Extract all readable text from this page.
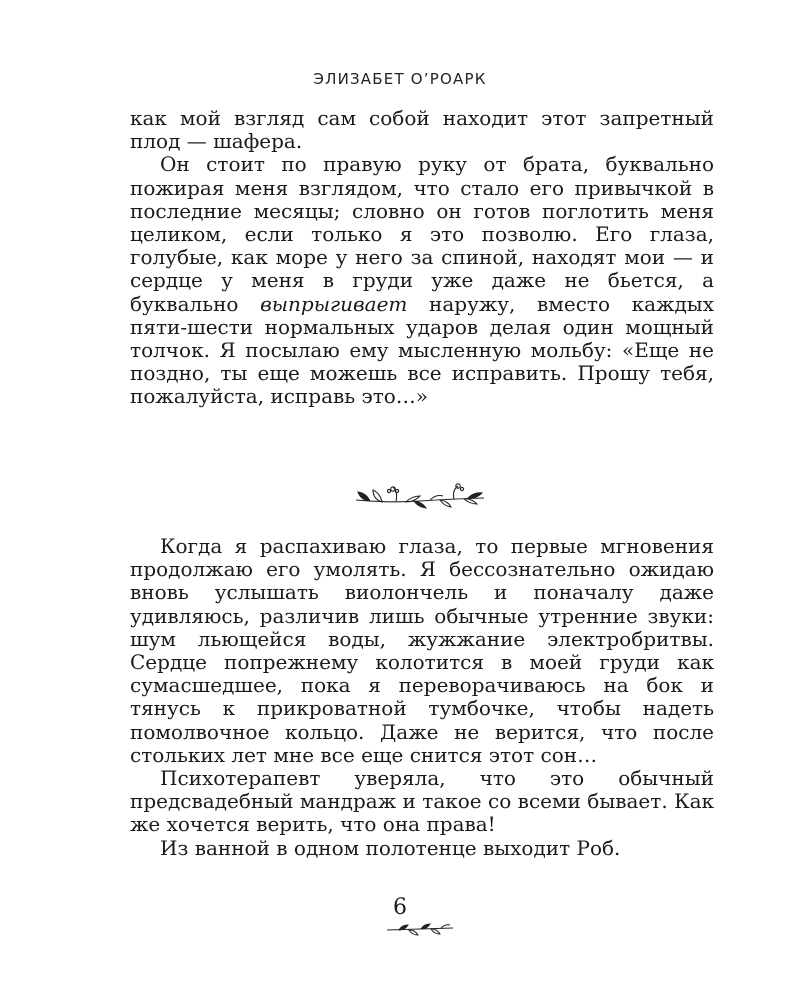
ЭЛИЗАБЕТ О’РОАРК

как мой взгляд сам собой находит этот запретный плод — шафера.

Он стоит по правую руку от брата, буквально пожирая меня взглядом, что стало его привычкой в последние месяцы; словно он готов поглотить меня целиком, если только я это позволю. Его глаза, голубые, как море у него за спиной, находят мои — и сердце у меня в груди уже даже не бьется, а буквально выпрыгивает наружу, вместо каждых пяти-шести нормальных ударов делая один мощный толчок. Я посылаю ему мысленную мольбу: «Еще не поздно, ты еще можешь все исправить. Прошу тебя, пожалуйста, исправь это…»

Когда я распахиваю глаза, то первые мгновения продолжаю его умолять. Я бессознательно ожидаю вновь услышать виолончель и поначалу даже удивляюсь, различив лишь обычные утренние звуки: шум льющейся воды, жужжание электробритвы. Сердце попрежнему колотится в моей груди как сумасшедшее, пока я переворачиваюсь на бок и тянусь к прикроватной тумбочке, чтобы надеть помолвочное кольцо. Даже не верится, что после стольких лет мне все еще снится этот сон…

Психотерапевт уверяла, что это обычный предсвадебный мандраж и такое со всеми бывает. Как же хочется верить, что она права!

Из ванной в одном полотенце выходит Роб.

6
